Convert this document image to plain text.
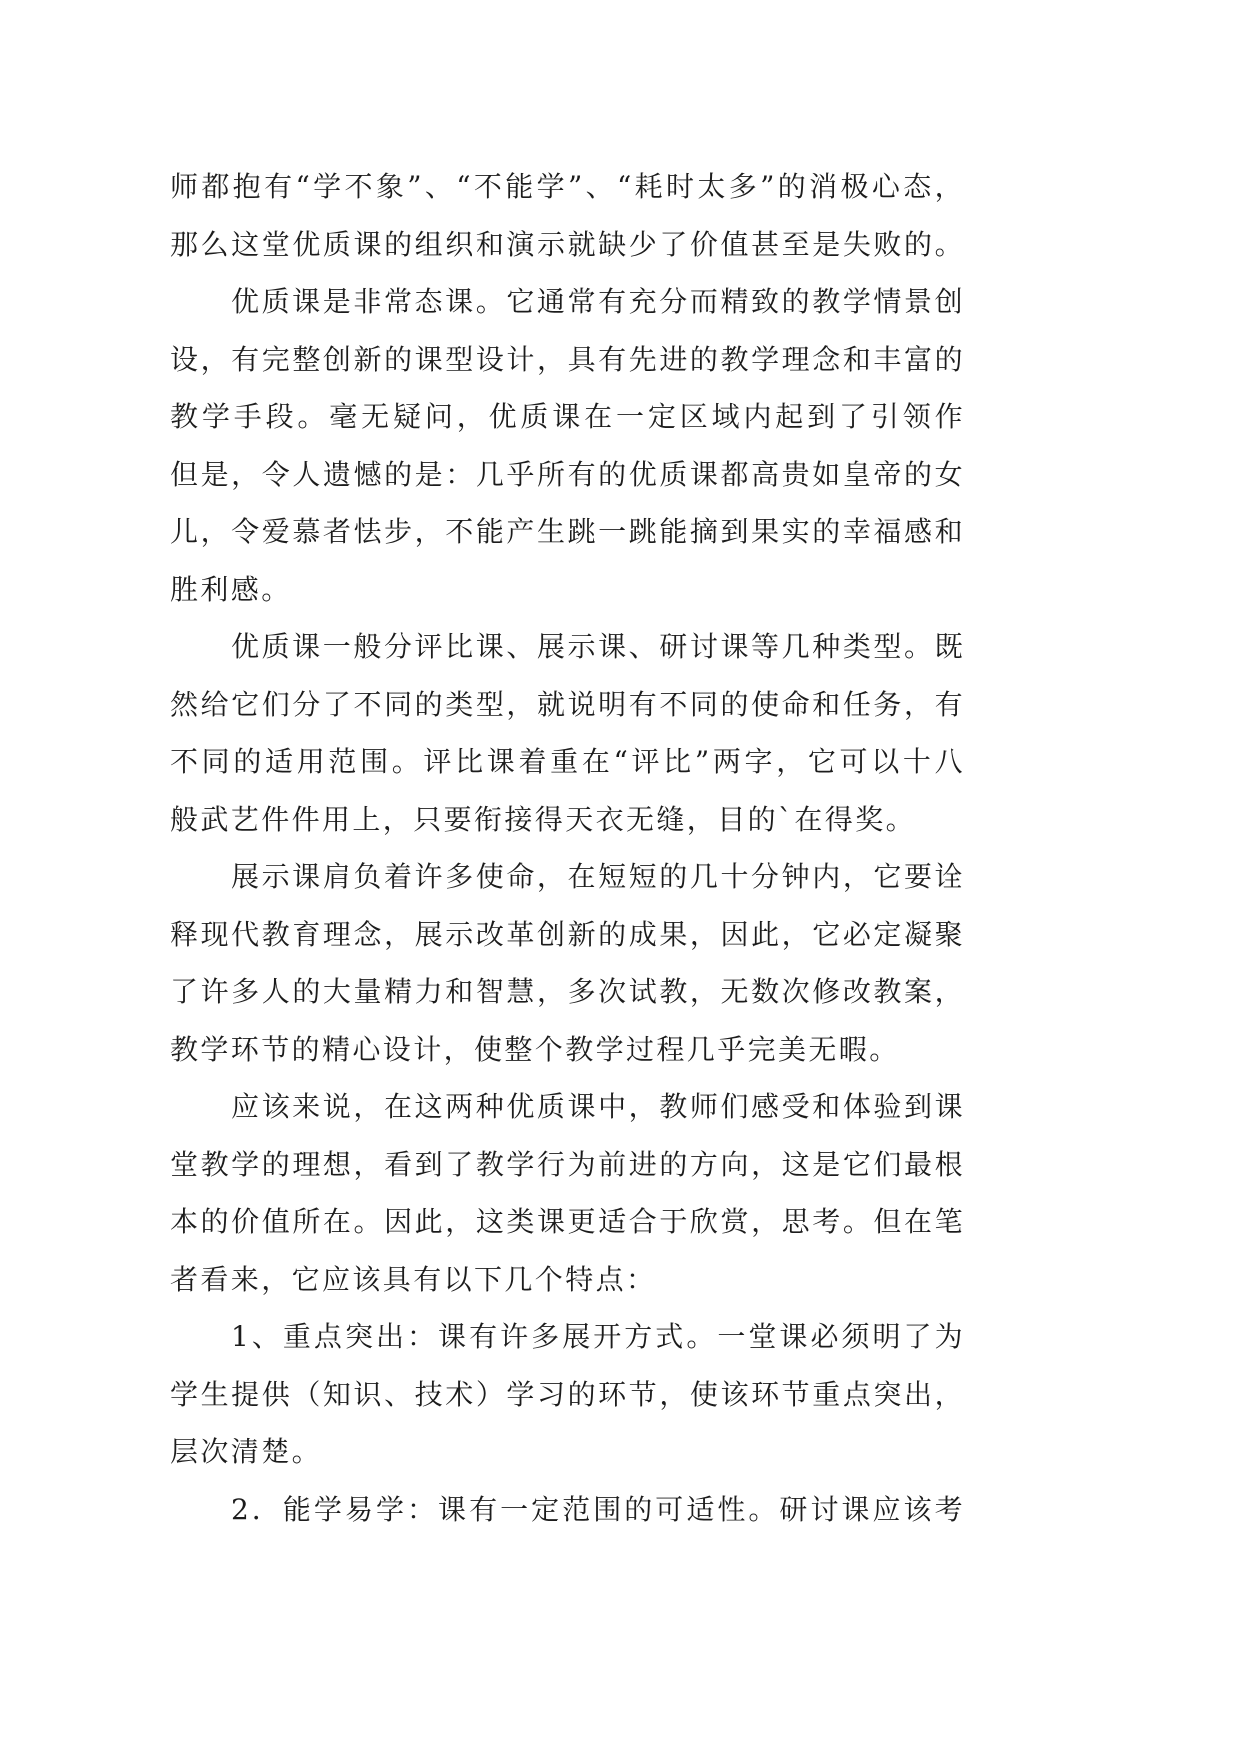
师都抱有“学不象”、“不能学”、“耗时太多”的消极心态，
那么这堂优质课的组织和演示就缺少了价值甚至是失败的。
优质课是非常态课。它通常有充分而精致的教学情景创
设，有完整创新的课型设计，具有先进的教学理念和丰富的
教学手段。毫无疑问，优质课在一定区域内起到了引领作
但是，令人遗憾的是：几乎所有的优质课都高贵如皇帝的女
儿，令爱慕者怯步，不能产生跳一跳能摘到果实的幸福感和
胜利感。
优质课一般分评比课、展示课、研讨课等几种类型。既
然给它们分了不同的类型，就说明有不同的使命和任务，有
不同的适用范围。评比课着重在“评比”两字，它可以十八
般武艺件件用上，只要衔接得天衣无缝，目的`在得奖。
展示课肩负着许多使命，在短短的几十分钟内，它要诠
释现代教育理念，展示改革创新的成果，因此，它必定凝聚
了许多人的大量精力和智慧，多次试教，无数次修改教案，
教学环节的精心设计，使整个教学过程几乎完美无暇。
应该来说，在这两种优质课中，教师们感受和体验到课
堂教学的理想，看到了教学行为前进的方向，这是它们最根
本的价值所在。因此，这类课更适合于欣赏，思考。但在笔
者看来，它应该具有以下几个特点：
1、重点突出：课有许多展开方式。一堂课必须明了为
学生提供（知识、技术）学习的环节，使该环节重点突出，
层次清楚。
2．能学易学：课有一定范围的可适性。研讨课应该考
